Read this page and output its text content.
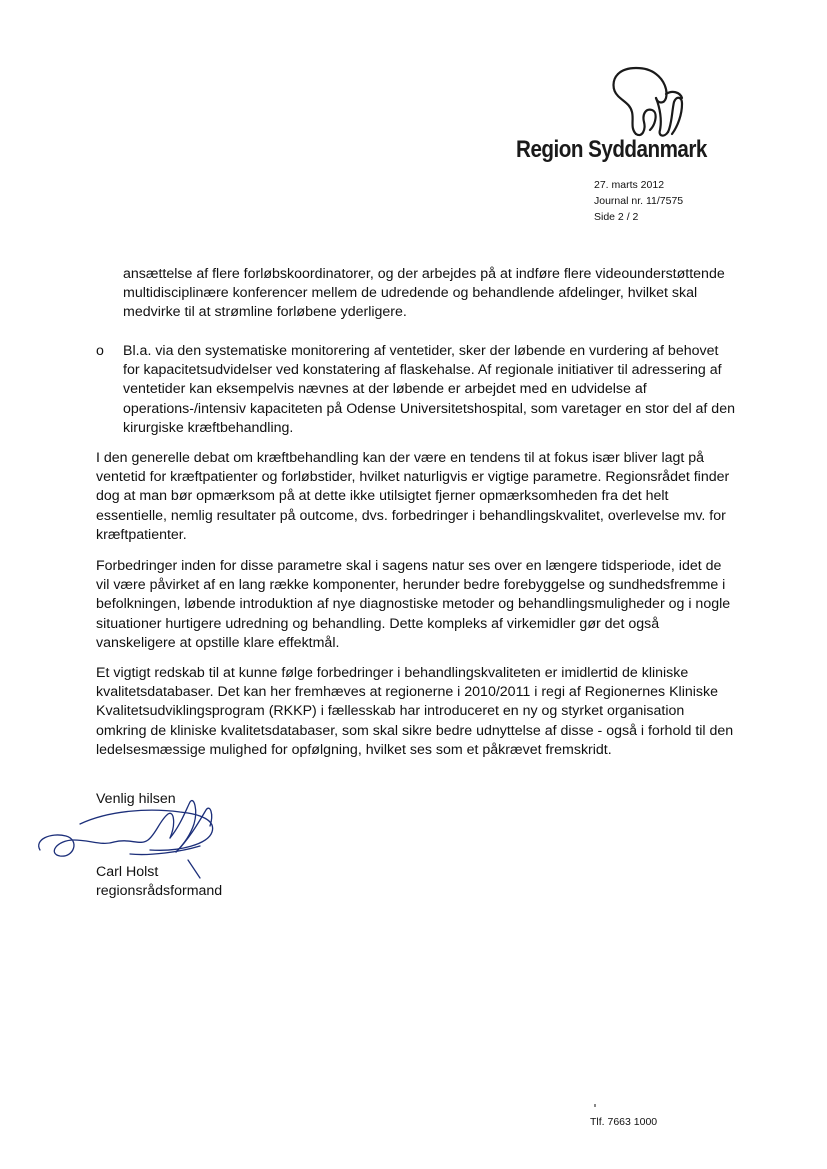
Region Syddanmark
27. marts 2012
Journal nr. 11/7575
Side 2 / 2
ansættelse af flere forløbskoordinatorer, og der arbejdes på at indføre flere videounderstøttende multidisciplinære konferencer mellem de udredende og behandlende afdelinger, hvilket skal medvirke til at strømline forløbene yderligere.
o Bl.a. via den systematiske monitorering af ventetider, sker der løbende en vurdering af behovet for kapacitetsudvidelser ved konstatering af flaskehalse. Af regionale initiativer til adressering af ventetider kan eksempelvis nævnes at der løbende er arbejdet med en udvidelse af operations-/intensiv kapaciteten på Odense Universitetshospital, som varetager en stor del af den kirurgiske kræftbehandling.

I den generelle debat om kræftbehandling kan der være en tendens til at fokus især bliver lagt på ventetid for kræftpatienter og forløbstider, hvilket naturligvis er vigtige parametre. Regionsrådet finder dog at man bør opmærksom på at dette ikke utilsigtet fjerner opmærksomheden fra det helt essentielle, nemlig resultater på outcome, dvs. forbedringer i behandlingskvalitet, overlevelse mv. for kræftpatienter.

Forbedringer inden for disse parametre skal i sagens natur ses over en længere tidsperiode, idet de vil være påvirket af en lang række komponenter, herunder bedre forebyggelse og sundhedsfremme i befolkningen, løbende introduktion af nye diagnostiske metoder og behandlingsmuligheder og i nogle situationer hurtigere udredning og behandling. Dette kompleks af virkemidler gør det også vanskeligere at opstille klare effektmål.

Et vigtigt redskab til at kunne følge forbedringer i behandlingskvaliteten er imidlertid de kliniske kvalitetsdatabaser. Det kan her fremhæves at regionerne i 2010/2011 i regi af Regionernes Kliniske Kvalitetsudviklingsprogram (RKKP) i fællesskab har introduceret en ny og styrket organisation omkring de kliniske kvalitetsdatabaser, som skal sikre bedre udnyttelse af disse - også i forhold til den ledelsesmæssige mulighed for opfølgning, hvilket ses som et påkrævet fremskridt.

Venlig hilsen
Carl Holst
regionsrådsformand
Tlf. 7663 1000
